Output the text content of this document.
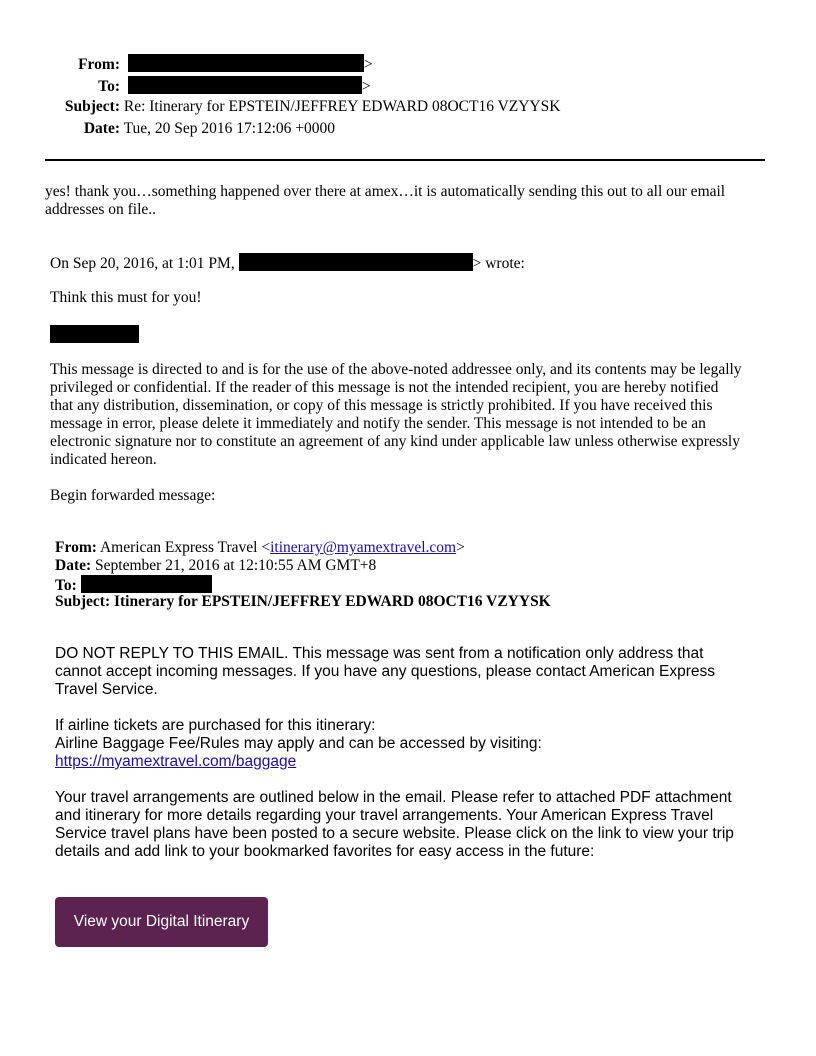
From:	>
To:	>
Subject: Re: Itinerary for EPSTEIN/JEFFREY EDWARD 08OCT16 VZYYSK
Date: Tue, 20 Sep 2016 17:12:06 +0000

yes! thank you…something happened over there at amex…it is automatically sending this out to all our email

addresses on file..

On Sep 20, 2016, at 1:01 PM,	> wrote:
Think this must for you!

This message is directed to and is for the use of the above-noted addressee only, and its contents may be legally

privileged or confidential. If the reader of this message is not the intended recipient, you are hereby notified

that any distribution, dissemination, or copy of this message is strictly prohibited. If you have received this

message in error, please delete it immediately and notify the sender. This message is not intended to be an

electronic signature nor to constitute an agreement of any kind under applicable law unless otherwise expressly

indicated hereon.

Begin forwarded message:
From: American Express Travel <itinerary@myamextravel.com>
Date: September 21, 2016 at 12:10:55 AM GMT+8
To:
Subject: Itinerary for EPSTEIN/JEFFREY EDWARD 08OCT16 VZYYSK

DO NOT REPLY TO THIS EMAIL. This message was sent from a notification only address that

cannot accept incoming messages. If you have any questions, please contact American Express

Travel Service.

If airline tickets are purchased for this itinerary:

Airline Baggage Fee/Rules may apply and can be accessed by visiting:

https://myamextravel.com/baggage

Your travel arrangements are outlined below in the email. Please refer to attached PDF attachment

and itinerary for more details regarding your travel arrangements. Your American Express Travel

Service travel plans have been posted to a secure website. Please click on the link to view your trip

details and add link to your bookmarked favorites for easy access in the future:

View your Digital Itinerary
